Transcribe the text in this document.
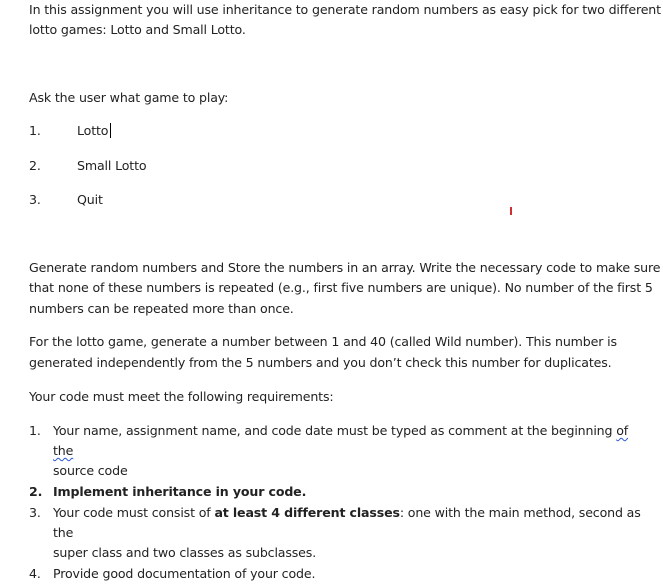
In this assignment you will use inheritance to generate random numbers as easy pick for two different

lotto games: Lotto and Small Lotto.

Ask the user what game to play:

1.	Lotto
2.	Small Lotto
3.	Quit

Generate random numbers and Store the numbers in an array. Write the necessary code to make sure

that none of these numbers is repeated (e.g., first five numbers are unique). No number of the first 5

numbers can be repeated more than once.

For the lotto game, generate a number between 1 and 40 (called Wild number). This number is

generated independently from the 5 numbers and you don’t check this number for duplicates.

Your code must meet the following requirements:

1. Your name, assignment name, and code date must be typed as comment at the beginning of the
source code
2. Implement inheritance in your code.
3. Your code must consist of at least 4 different classes: one with the main method, second as the
super class and two classes as subclasses.
4. Provide good documentation of your code.
